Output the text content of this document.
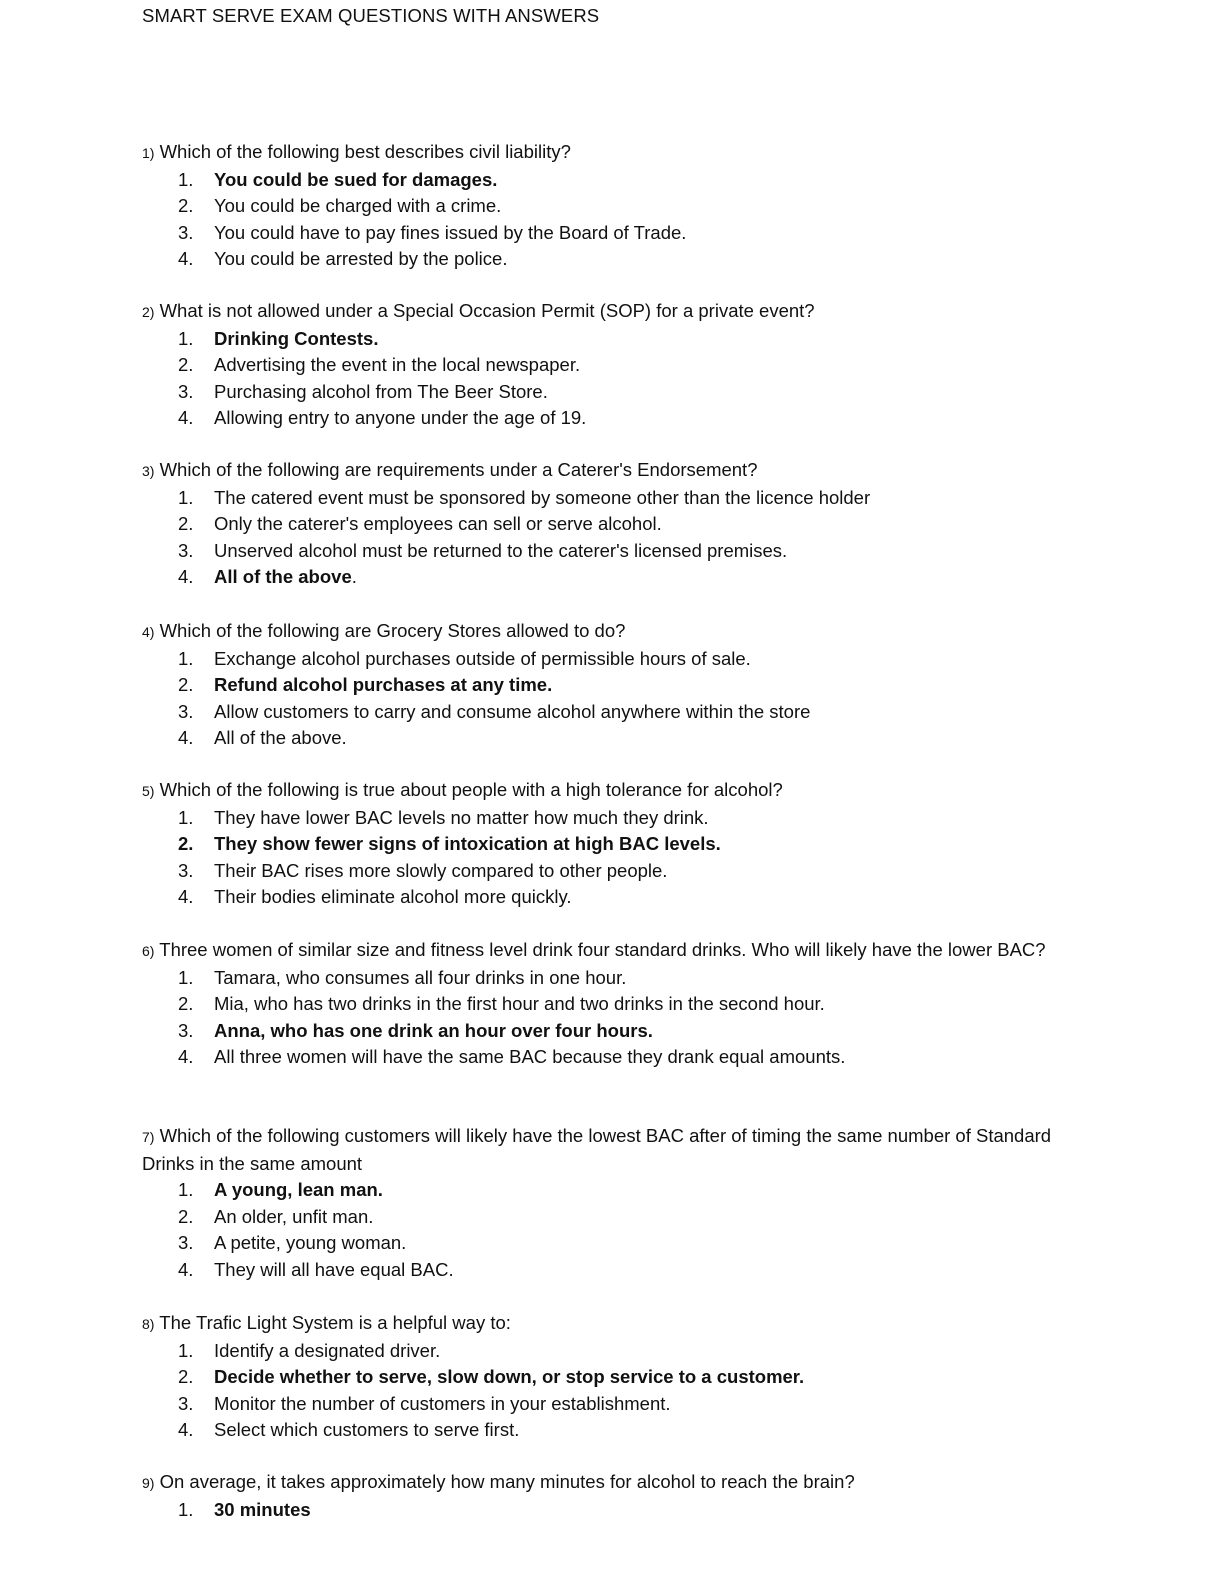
SMART SERVE EXAM QUESTIONS WITH ANSWERS

1) Which of the following best describes civil liability?

1.	You could be sued for damages.
2.	You could be charged with a crime.
3.	You could have to pay fines issued by the Board of Trade.
4.	You could be arrested by the police.

2) What is not allowed under a Special Occasion Permit (SOP) for a private event?

1.	Drinking Contests.
2.	Advertising the event in the local newspaper.
3.	Purchasing alcohol from The Beer Store.
4.	Allowing entry to anyone under the age of 19.

3) Which of the following are requirements under a Caterer's Endorsement?

1.	The catered event must be sponsored by someone other than the licence holder
2.	Only the caterer's employees can sell or serve alcohol.
3.	Unserved alcohol must be returned to the caterer's licensed premises.
4.	All of the above.

4) Which of the following are Grocery Stores allowed to do?

1.	Exchange alcohol purchases outside of permissible hours of sale.
2.	Refund alcohol purchases at any time.
3.	Allow customers to carry and consume alcohol anywhere within the store
4.	All of the above.

5) Which of the following is true about people with a high tolerance for alcohol?

1.	They have lower BAC levels no matter how much they drink.
2.	They show fewer signs of intoxication at high BAC levels.
3.	Their BAC rises more slowly compared to other people.
4.	Their bodies eliminate alcohol more quickly.

6) Three women of similar size and fitness level drink four standard drinks. Who will likely have the lower BAC?

1.	Tamara, who consumes all four drinks in one hour.
2.	Mia, who has two drinks in the first hour and two drinks in the second hour.
3.	Anna, who has one drink an hour over four hours.
4.	All three women will have the same BAC because they drank equal amounts.

7) Which of the following customers will likely have the lowest BAC after of timing the same number of Standard Drinks in the same amount

1.	A young, lean man.
2.	An older, unfit man.
3.	A petite, young woman.
4.	They will all have equal BAC.

8) The Trafic Light System is a helpful way to:

1.	Identify a designated driver.
2.	Decide whether to serve, slow down, or stop service to a customer.
3.	Monitor the number of customers in your establishment.
4.	Select which customers to serve first.

9) On average, it takes approximately how many minutes for alcohol to reach the brain?

1.	30 minutes
